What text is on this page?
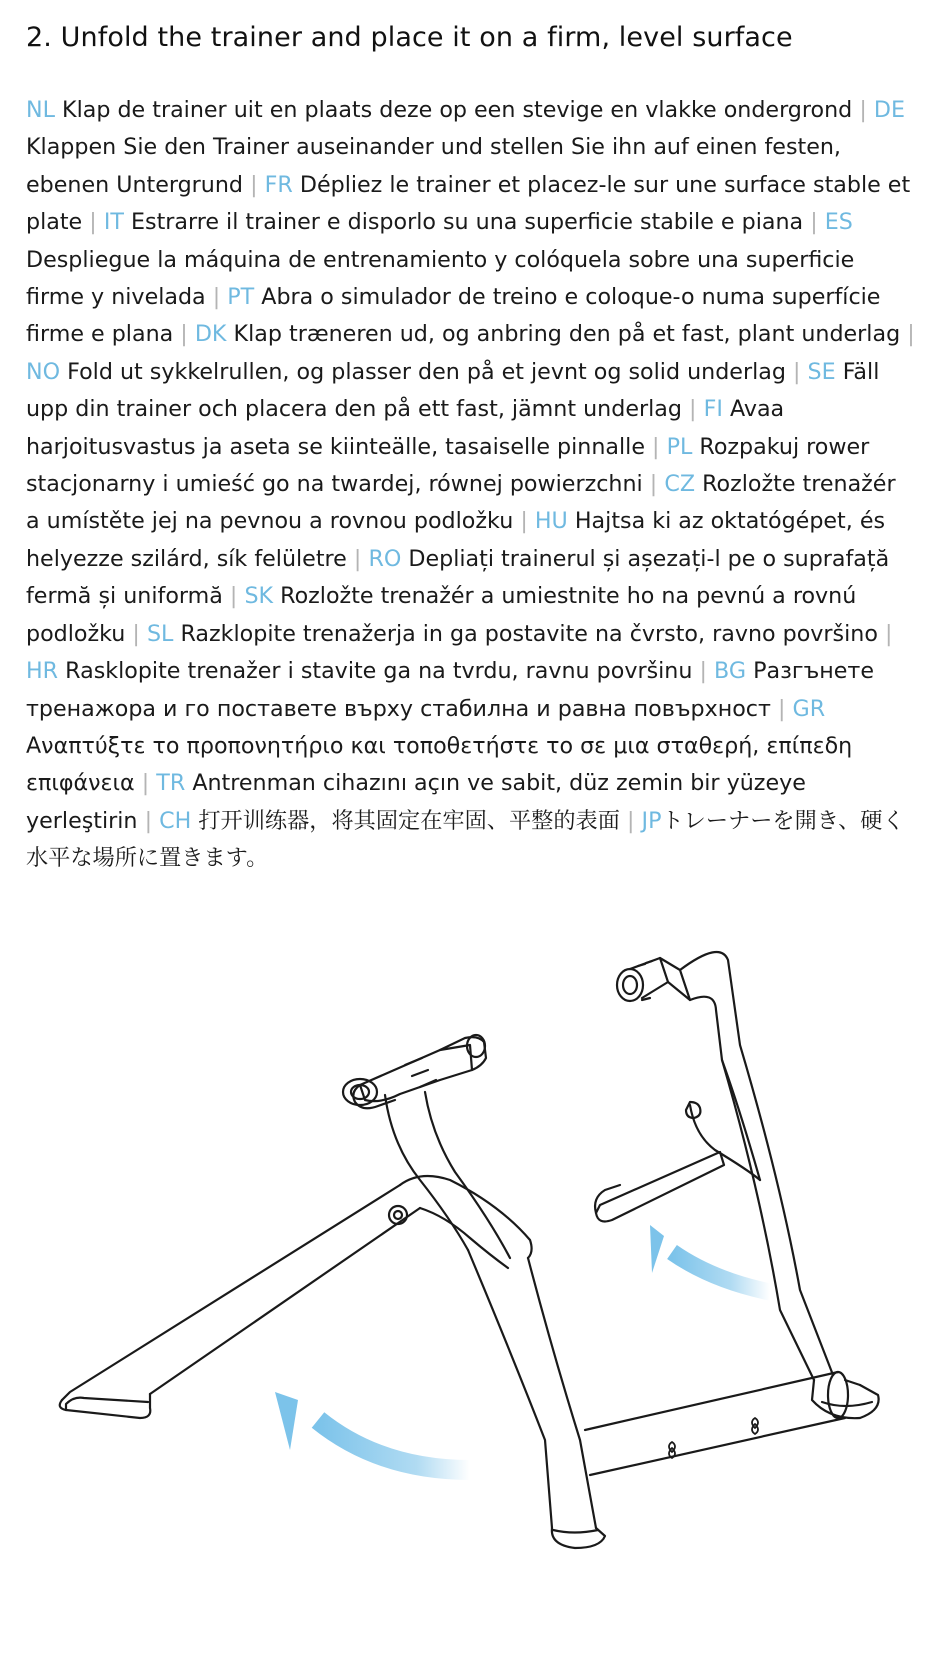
2. Unfold the trainer and place it on a firm, level surface

NL Klap de trainer uit en plaats deze op een stevige en vlakke ondergrond | DE Klappen Sie den Trainer auseinander und stellen Sie ihn auf einen festen, ebenen Untergrund | FR Dépliez le trainer et placez-le sur une surface stable et plate | IT Estrarre il trainer e disporlo su una superficie stabile e piana | ES Despliegue la máquina de entrenamiento y colóquela sobre una superficie firme y nivelada | PT Abra o simulador de treino e coloque-o numa superfície firme e plana | DK Klap træneren ud, og anbring den på et fast, plant underlag | NO Fold ut sykkelrullen, og plasser den på et jevnt og solid underlag | SE Fäll upp din trainer och placera den på ett fast, jämnt underlag | FI Avaa harjoitusvastus ja aseta se kiinteälle, tasaiselle pinnalle | PL Rozpakuj rower stacjonarny i umieść go na twardej, równej powierzchni | CZ Rozložte trenažér a umístěte jej na pevnou a rovnou podložku | HU Hajtsa ki az oktatógépet, és helyezze szilárd, sík felületre | RO Depliați trainerul și așezați-l pe o suprafață fermă și uniformă | SK Rozložte trenažér a umiestnite ho na pevnú a rovnú podložku | SL Razklopite trenažerja in ga postavite na čvrsto, ravno površino | HR Rasklopite trenažer i stavite ga na tvrdu, ravnu površinu | BG Разгънете тренажора и го поставете върху стабилна и равна повърхност | GR Αναπτύξτε το προπονητήριο και τοποθετήστε το σε μια σταθερή, επίπεδη επιφάνεια | TR Antrenman cihazını açın ve sabit, düz zemin bir yüzeye yerleştirin | CH 打开训练器，将其固定在牢固、平整的表面 | JPトレーナーを開き、硬く水平な場所に置きます。
